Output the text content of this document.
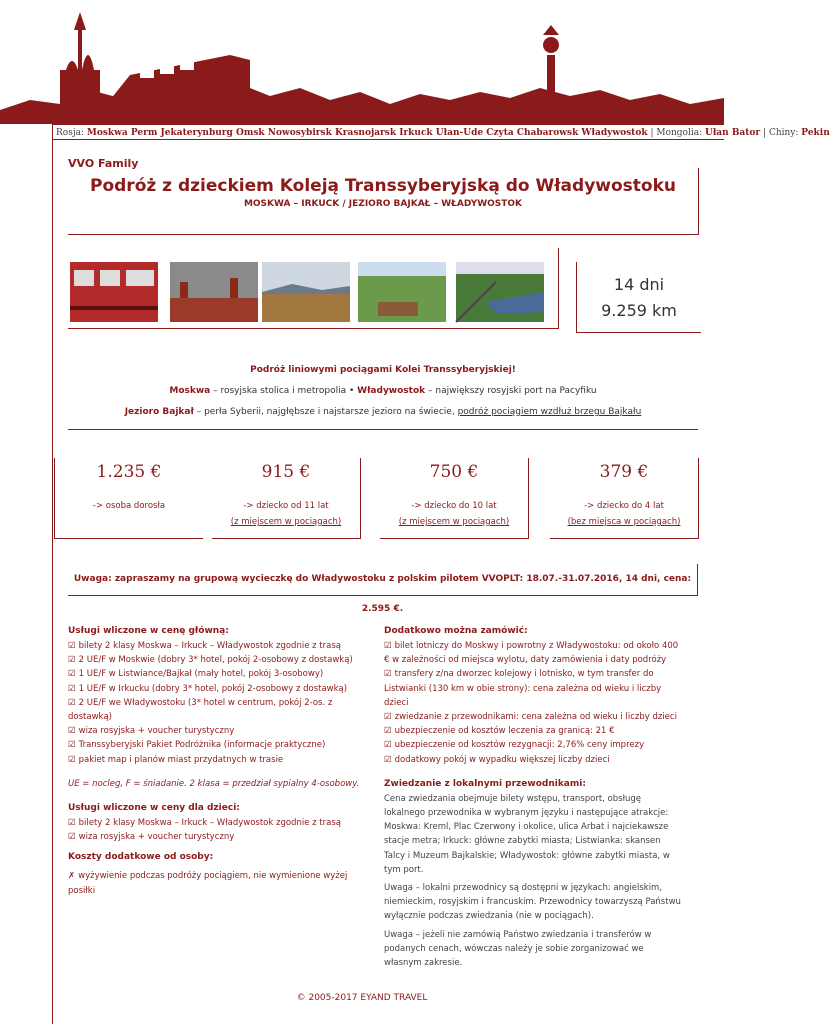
Rosja: Moskwa Perm Jekaterynburg Omsk Nowosybirsk Krasnojarsk Irkuck Ułan-Ude Czyta Chabarowsk Władywostok | Mongolia: Ułan Bator | Chiny: Pekin
VVO Family
Podróż z dzieckiem Koleją Transsyberyjską do Władywostoku
MOSKWA – IRKUCK / JEZIORO BAJKAŁ – WŁADYWOSTOK
14 dni
9.259 km
Podróż liniowymi pociągami Kolei Transsyberyjskiej!
Moskwa – rosyjska stolica i metropolia • Władywostok – największy rosyjski port na Pacyfiku
Jezioro Bajkał – perła Syberii, najgłębsze i najstarsze jezioro na świecie, podróż pociągiem wzdłuż brzegu Bajkału
1.235 €
-> osoba dorosła
915 €
-> dziecko od 11 lat
(z miejscem w pociągach)
750 €
-> dziecko do 10 lat
(z miejscem w pociągach)
379 €
-> dziecko do 4 lat
(bez miejsca w pociągach)
Uwaga: zapraszamy na grupową wycieczkę do Władywostoku z polskim pilotem VVOPLT: 18.07.-31.07.2016, 14 dni, cena: 2.595 €.
Usługi wliczone w cenę główną:
☑ bilety 2 klasy Moskwa – Irkuck – Władywostok zgodnie z trasą
☑ 2 UE/F w Moskwie (dobry 3* hotel, pokój 2-osobowy z dostawką)
☑ 1 UE/F w Listwiance/Bajkał (mały hotel, pokój 3-osobowy)
☑ 1 UE/F w Irkucku (dobry 3* hotel, pokój 2-osobowy z dostawką)
☑ 2 UE/F we Władywostoku (3* hotel w centrum, pokój 2-os. z dostawką)
☑ wiza rosyjska + voucher turystyczny
☑ Transsyberyjski Pakiet Podróżnika (informacje praktyczne)
☑ pakiet map i planów miast przydatnych w trasie

UE = nocleg, F = śniadanie. 2 klasa = przedział sypialny 4-osobowy.

Usługi wliczone w ceny dla dzieci:
☑ bilety 2 klasy Moskwa – Irkuck – Władywostok zgodnie z trasą
☑ wiza rosyjska + voucher turystyczny
Koszty dodatkowe od osoby:
✗ wyżywienie podczas podróży pociągiem, nie wymienione wyżej posiłki
Dodatkowo można zamówić:
☑ bilet lotniczy do Moskwy i powrotny z Władywostoku: od około 400 € w zależności od miejsca wylotu, daty zamówienia i daty podróży
☑ transfery z/na dworzec kolejowy i lotnisko, w tym transfer do Listwianki (130 km w obie strony): cena zależna od wieku i liczby dzieci
☑ zwiedzanie z przewodnikami: cena zależna od wieku i liczby dzieci
☑ ubezpieczenie od kosztów leczenia za granicą: 21 €
☑ ubezpieczenie od kosztów rezygnacji: 2,76% ceny imprezy
☑ dodatkowy pokój w wypadku większej liczby dzieci
Zwiedzanie z lokalnymi przewodnikami:

Cena zwiedzania obejmuje bilety wstępu, transport, obsługę lokalnego przewodnika w wybranym języku i następujące atrakcje:

Moskwa: Kreml, Plac Czerwony i okolice, ulica Arbat i najciekawsze stacje metra; Irkuck: główne zabytki miasta; Listwianka: skansen Talcy i Muzeum Bajkalskie; Władywostok: główne zabytki miasta, w tym port.

Uwaga – lokalni przewodnicy są dostępni w językach: angielskim, niemieckim, rosyjskim i francuskim. Przewodnicy towarzyszą Państwu wyłącznie podczas zwiedzania (nie w pociągach).

Uwaga – jeżeli nie zamówią Państwo zwiedzania i transferów w podanych cenach, wówczas należy je sobie zorganizować we własnym zakresie.

© 2005-2017 EYAND TRAVEL
